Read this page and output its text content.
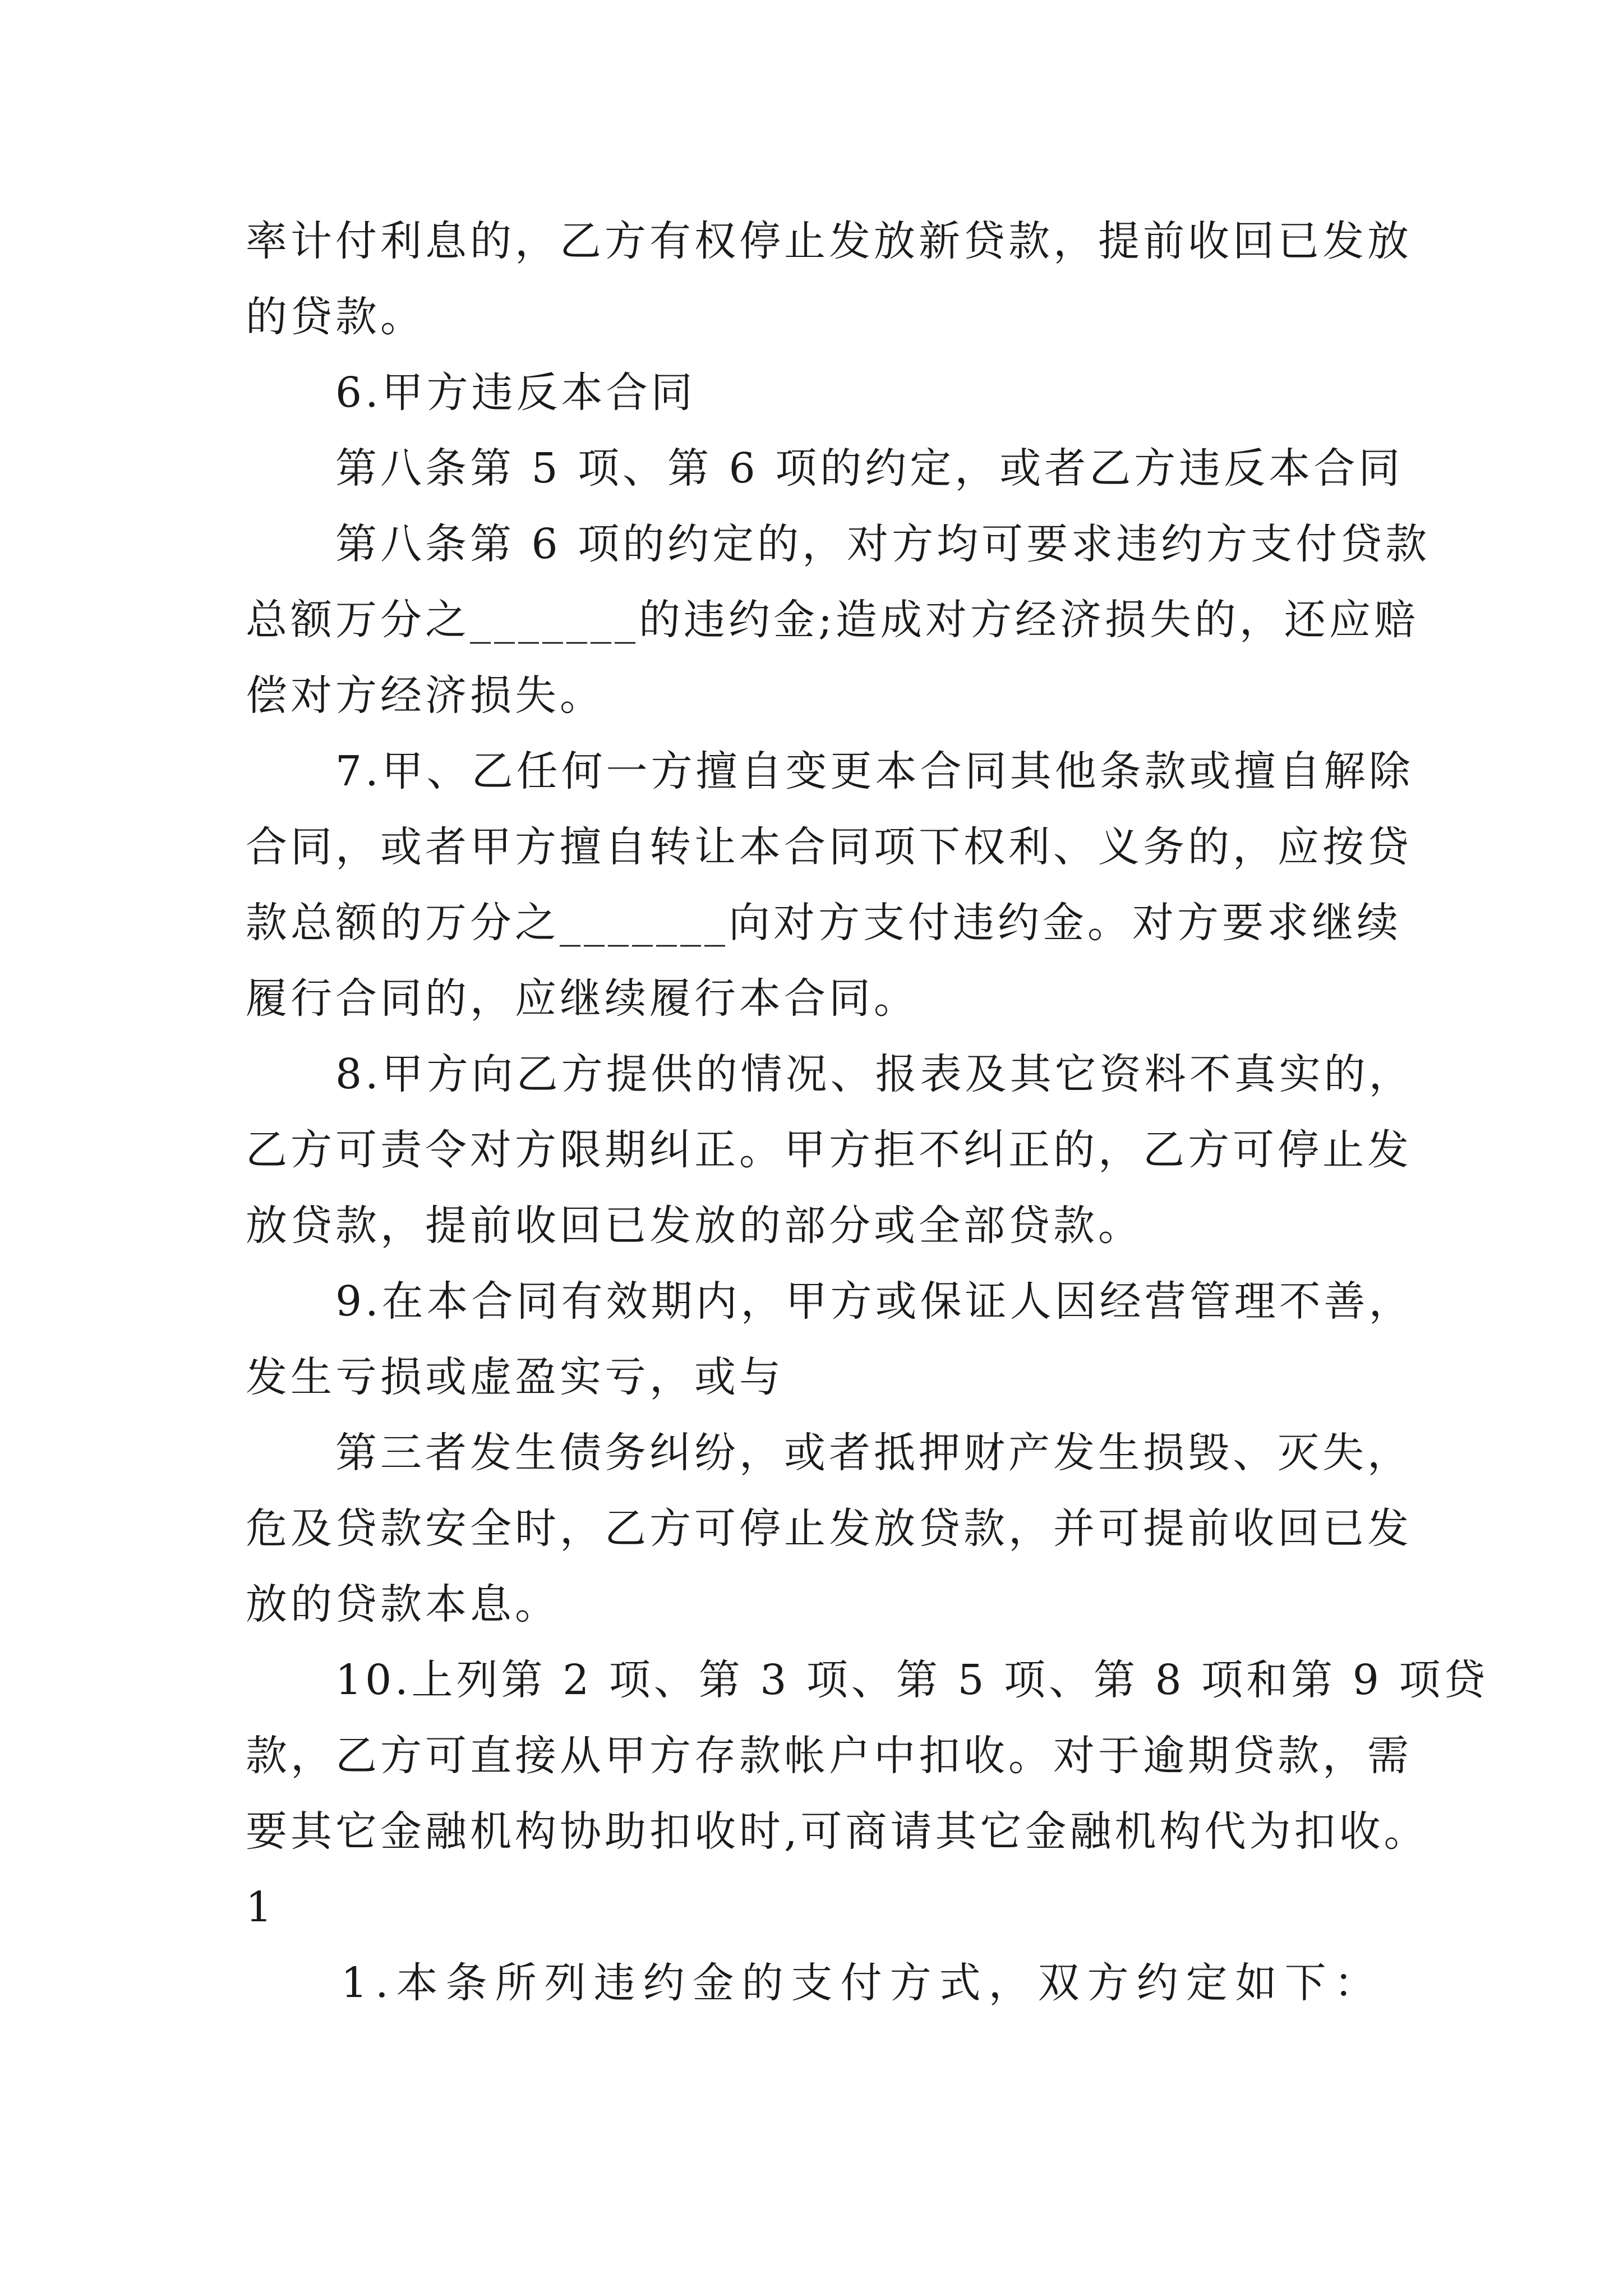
率计付利息的，乙方有权停止发放新贷款，提前收回已发放
的贷款。
6.甲方违反本合同
第八条第 5 项、第 6 项的约定，或者乙方违反本合同
第八条第 6 项的约定的，对方均可要求违约方支付贷款
总额万分之_______的违约金;造成对方经济损失的，还应赔
偿对方经济损失。
7.甲、乙任何一方擅自变更本合同其他条款或擅自解除
合同，或者甲方擅自转让本合同项下权利、义务的，应按贷
款总额的万分之_______向对方支付违约金。对方要求继续
履行合同的，应继续履行本合同。
8.甲方向乙方提供的情况、报表及其它资料不真实的，
乙方可责令对方限期纠正。甲方拒不纠正的，乙方可停止发
放贷款，提前收回已发放的部分或全部贷款。
9.在本合同有效期内，甲方或保证人因经营管理不善，
发生亏损或虚盈实亏，或与
第三者发生债务纠纷，或者抵押财产发生损毁、灭失，
危及贷款安全时，乙方可停止发放贷款，并可提前收回已发
放的贷款本息。
10.上列第 2 项、第 3 项、第 5 项、第 8 项和第 9 项贷
款，乙方可直接从甲方存款帐户中扣收。对于逾期贷款，需
要其它金融机构协助扣收时,可商请其它金融机构代为扣收。
1
1.本条所列违约金的支付方式，双方约定如下：
